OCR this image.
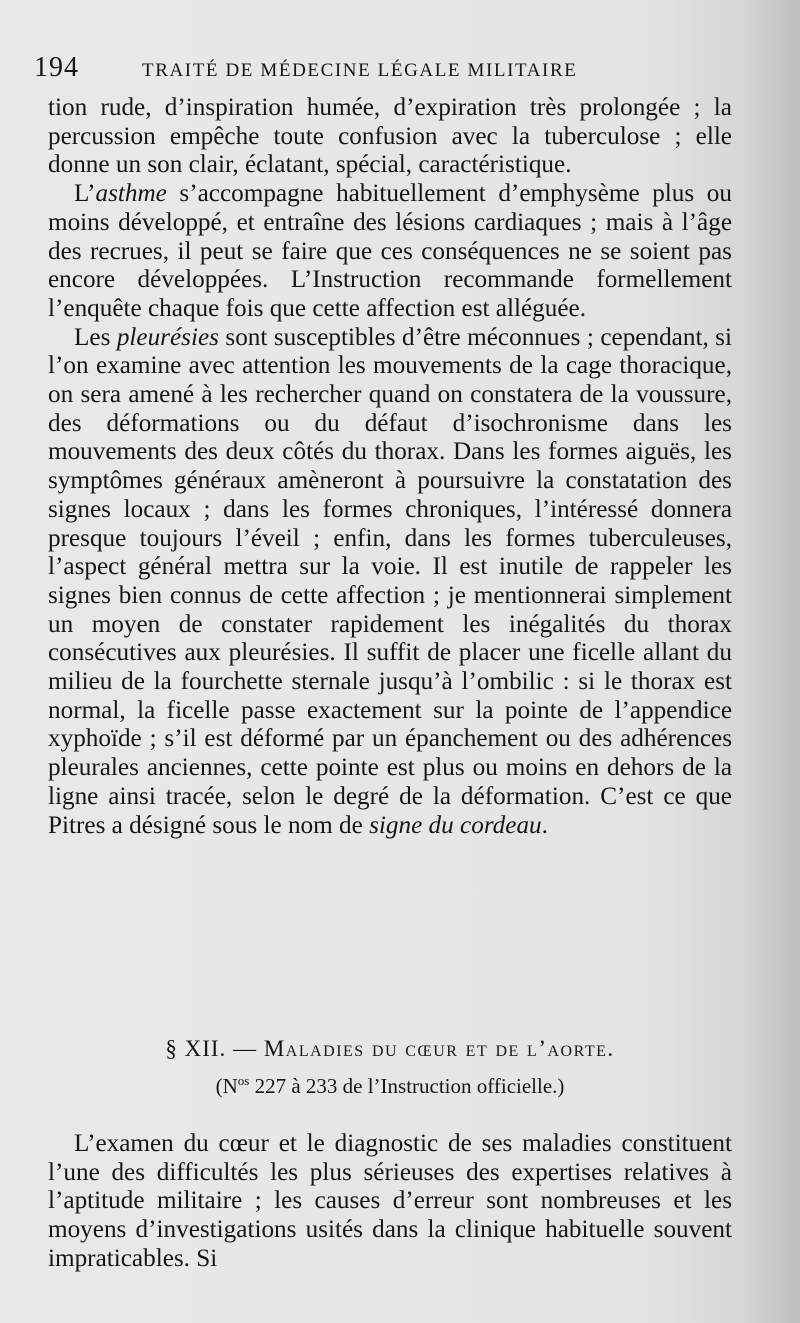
194	TRAITÉ DE MÉDECINE LÉGALE MILITAIRE

tion rude, d’inspiration humée, d’expiration très prolongée ; la percussion empêche toute confusion avec la tuberculose ; elle donne un son clair, éclatant, spécial, caractéristique.

L’asthme s’accompagne habituellement d’emphysème plus ou moins développé, et entraîne des lésions cardiaques ; mais à l’âge des recrues, il peut se faire que ces conséquences ne se soient pas encore développées. L’Instruction recommande formellement l’enquête chaque fois que cette affection est alléguée.

Les pleurésies sont susceptibles d’être méconnues ; cependant, si l’on examine avec attention les mouvements de la cage thoracique, on sera amené à les rechercher quand on constatera de la voussure, des déformations ou du défaut d’isochronisme dans les mouvements des deux côtés du thorax. Dans les formes aiguës, les symptômes généraux amèneront à poursuivre la constatation des signes locaux ; dans les formes chroniques, l’intéressé donnera presque toujours l’éveil ; enfin, dans les formes tuberculeuses, l’aspect général mettra sur la voie. Il est inutile de rappeler les signes bien connus de cette affection ; je mentionnerai simplement un moyen de constater rapidement les inégalités du thorax consécutives aux pleurésies. Il suffit de placer une ficelle allant du milieu de la fourchette sternale jusqu’à l’ombilic : si le thorax est normal, la ficelle passe exactement sur la pointe de l’appendice xyphoïde ; s’il est déformé par un épanchement ou des adhérences pleurales anciennes, cette pointe est plus ou moins en dehors de la ligne ainsi tracée, selon le degré de la déformation. C’est ce que Pitres a désigné sous le nom de signe du cordeau.

§ XII. — Maladies du cœur et de l’aorte.
($N^{os}$ 227 à 233 de l’Instruction officielle.)

L’examen du cœur et le diagnostic de ses maladies constituent l’une des difficultés les plus sérieuses des expertises relatives à l’aptitude militaire ; les causes d’erreur sont nombreuses et les moyens d’investigations usités dans la clinique habituelle souvent impraticables. Si
